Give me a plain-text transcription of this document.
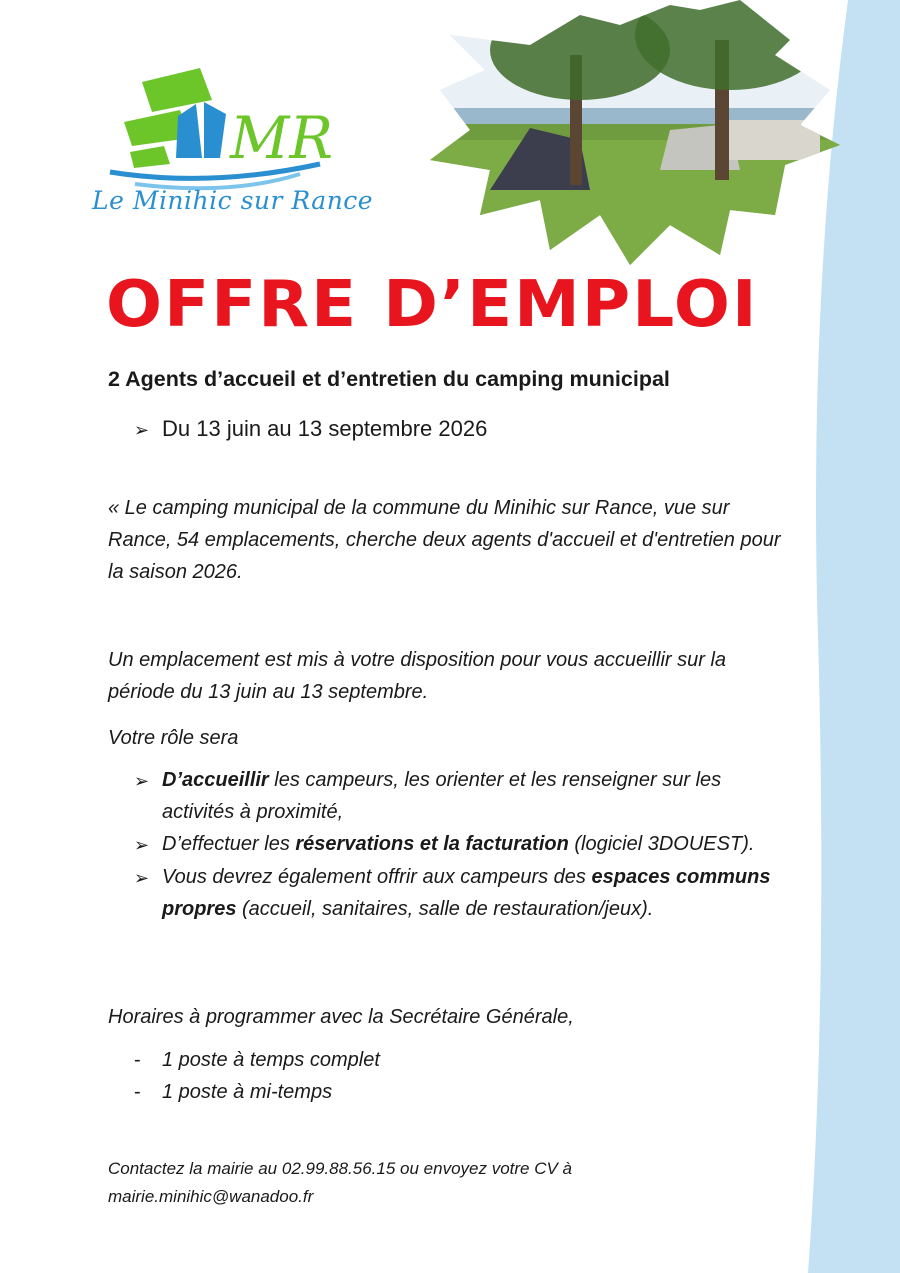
MR
Le Minihic sur Rance
OFFRE D’EMPLOI
2 Agents d’accueil et d’entretien du camping municipal
➢ Du 13 juin au 13 septembre 2026
« Le camping municipal de la commune du Minihic sur Rance, vue sur Rance, 54 emplacements, cherche deux agents d'accueil et d'entretien pour la saison 2026.
Un emplacement est mis à votre disposition pour vous accueillir sur la période du 13 juin au 13 septembre.
Votre rôle sera
➢ D’accueillir les campeurs, les orienter et les renseigner sur les activités à proximité,
➢ D’effectuer les réservations et la facturation (logiciel 3DOUEST).
➢ Vous devrez également offrir aux campeurs des espaces communs propres (accueil, sanitaires, salle de restauration/jeux).
Horaires à programmer avec la Secrétaire Générale,
-	1 poste à temps complet
-	1 poste à mi-temps
Contactez la mairie au 02.99.88.56.15 ou envoyez votre CV à
mairie.minihic@wanadoo.fr
